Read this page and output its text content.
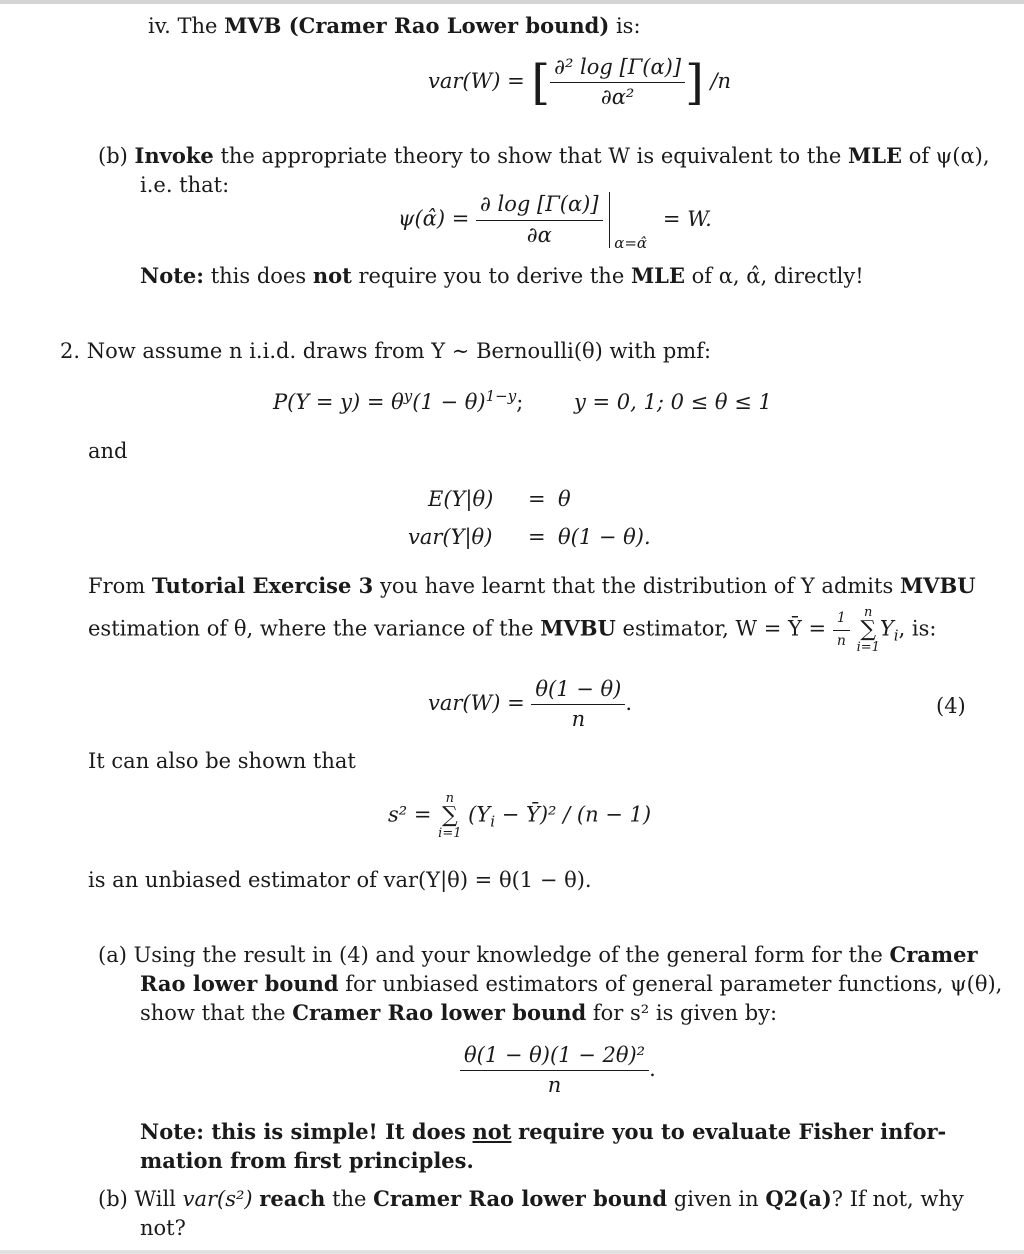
iv. The MVB (Cramer Rao Lower bound) is:
var(W) = [ $\frac{\text{∂² log [Γ(α)]}}{\text{∂α²}}$ ] /n
(b) Invoke the appropriate theory to show that W is equivalent to the MLE of ψ(α),
i.e. that:
ψ(α̂) = $\frac{\partial \log [\Gamma(\alpha)]}{\partial\alpha}$
α=α̂
= W.
Note: this does not require you to derive the MLE of α, α̂, directly!
2. Now assume n i.i.d. draws from Y ∼ Bernoulli(θ) with pmf:
$P(Y = y) = \theta^y(1 - \theta)^{1-y}$; y = 0, 1; 0 ≤ θ ≤ 1
and
E(Y|θ) = θ
var(Y|θ) = θ(1 − θ).
From Tutorial Exercise 3 you have learnt that the distribution of Y admits MVBU
estimation of θ, where the variance of the MVBU estimator, W = Ȳ = $\frac{1}{n}$
n
∑
i=1
$Y_i$, is:
$var(W) = \frac{\theta(1 - \theta)}{n}$ .	(4)
It can also be shown that
s² =
n
∑
i=1
($Y_i$ − Ȳ)² / (n − 1)
is an unbiased estimator of var(Y|θ) = θ(1 − θ).
(a) Using the result in (4) and your knowledge of the general form for the Cramer
Rao lower bound for unbiased estimators of general parameter functions, ψ(θ),
show that the Cramer Rao lower bound for s² is given by:
$\frac{\text{θ(1 − θ)(1 − 2θ)²}}{n}$ .
Note: this is simple! It does not require you to evaluate Fisher infor-
mation from first principles.
(b) Will var(s²) reach the Cramer Rao lower bound given in Q2(a)? If not, why
not?
